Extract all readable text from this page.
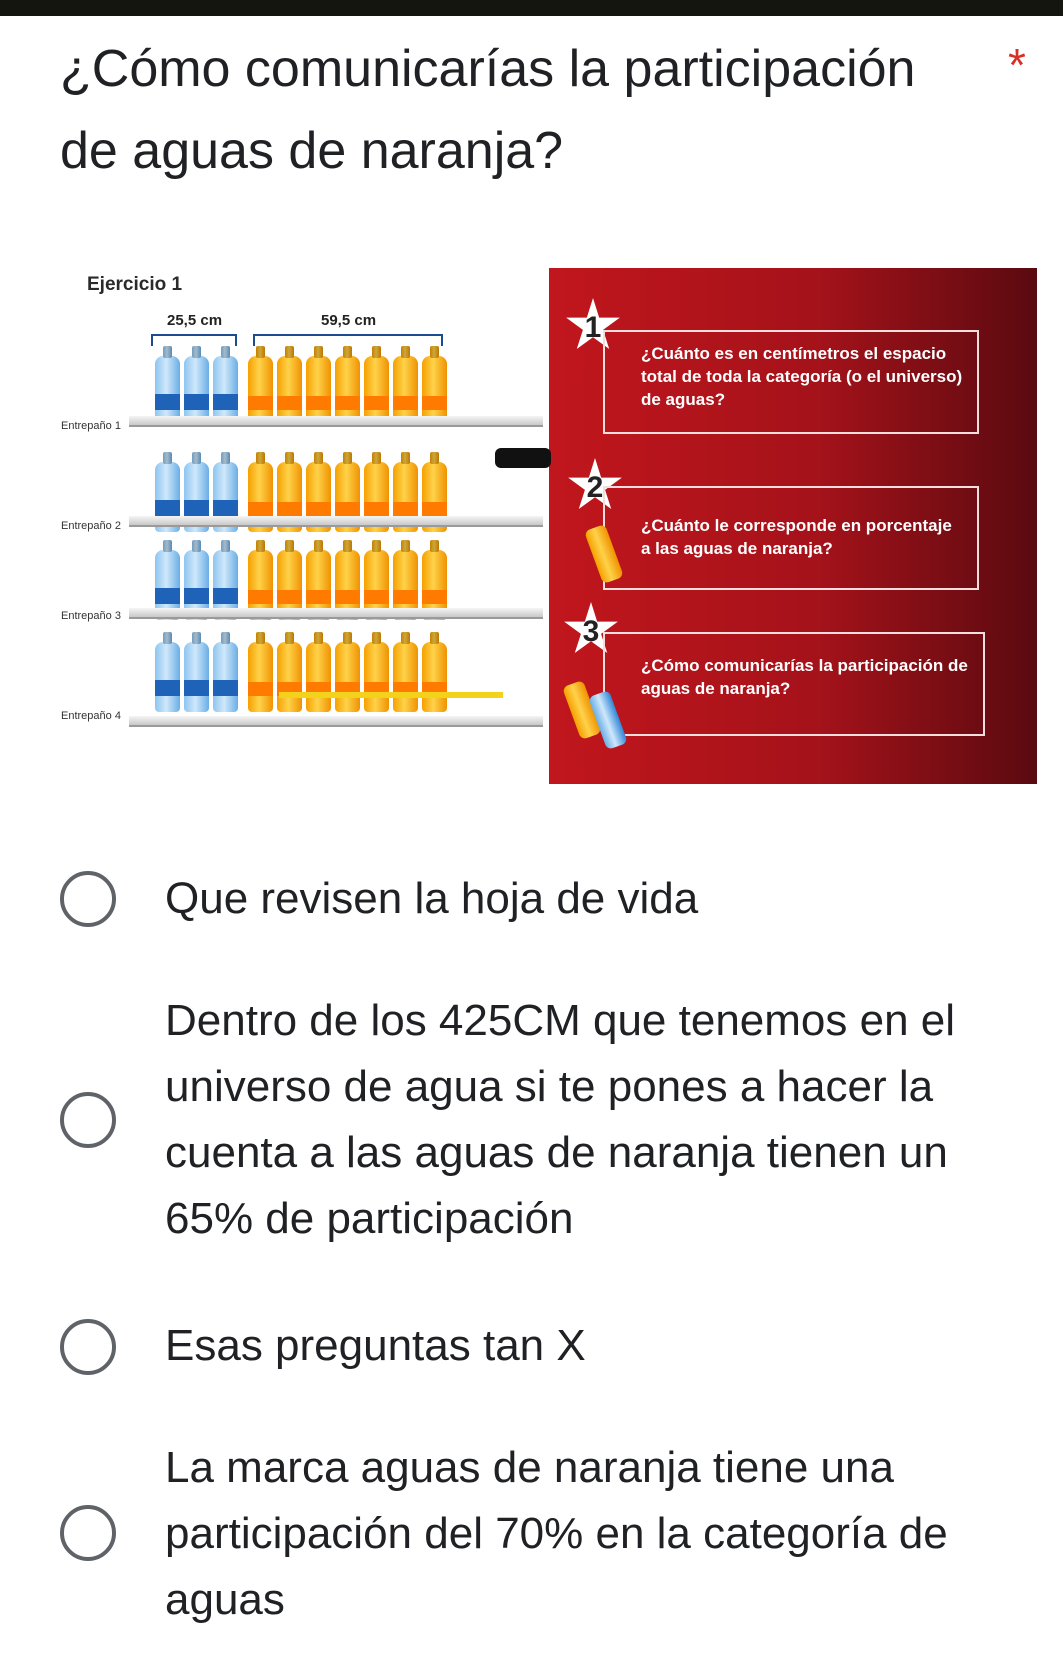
¿Cómo comunicarías la participación de aguas de naranja?
*
Ejercicio 1
25,5 cm	59,5 cm
Entrepaño 1
Entrepaño 2
Entrepaño 3
Entrepaño 4
1
¿Cuánto es en centímetros el espacio total de toda la categoría (o el universo) de aguas?
2
¿Cuánto le corresponde en porcentaje a las aguas de naranja?
3
¿Cómo comunicarías la participación de aguas de naranja?
Que revisen la hoja de vida
Dentro de los 425CM que tenemos en el universo de agua si te pones a hacer la cuenta a las aguas de naranja tienen un 65% de participación
Esas preguntas tan X
La marca aguas de naranja tiene una participación del 70% en la categoría de aguas
